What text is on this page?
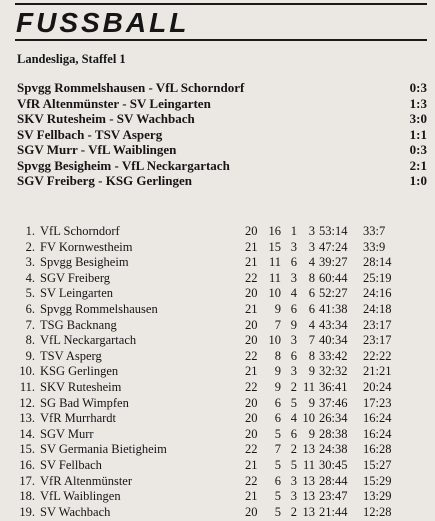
FUSSBALL
Landesliga, Staffel 1
Spvgg Rommelshausen - VfL Schorndorf	0:3
VfR Altenmünster - SV Leingarten	1:3
SKV Rutesheim - SV Wachbach	3:0
SV Fellbach - TSV Asperg	1:1
SGV Murr - VfL Waiblingen	0:3
Spvgg Besigheim - VfL Neckargartach	2:1
SGV Freiberg - KSG Gerlingen	1:0
1. VfL Schorndorf	20 16 1 3 53:14 33:7
2. FV Kornwestheim	21 15 3 3 47:24 33:9
3. Spvgg Besigheim	21 11 6 4 39:27 28:14
4. SGV Freiberg	22 11 3 8 60:44 25:19
5. SV Leingarten	20 10 4 6 52:27 24:16
6. Spvgg Rommelshausen	21	9 6 6 41:38 24:18
7. TSG Backnang	20	7 9 4 43:34 23:17
8. VfL Neckargartach	20 10 3 7 40:34 23:17
9. TSV Asperg	22	8 6 8 33:42 22:22
10. KSG Gerlingen	21	9 3 9 32:32 21:21
11. SKV Rutesheim	22	9 2 11 36:41 20:24
12. SG Bad Wimpfen	20	6 5 9 37:46 17:23
13. VfR Murrhardt	20	6 4 10 26:34 16:24
14. SGV Murr	20	5 6 9 28:38 16:24
15. SV Germania Bietigheim	22	7 2 13 24:38 16:28
16. SV Fellbach	21	5 5 11 30:45 15:27
17. VfR Altenmünster	22	6 3 13 28:44 15:29
18. VfL Waiblingen	21	5 3 13 23:47 13:29
19. SV Wachbach	20	5 2 13 21:44 12:28
